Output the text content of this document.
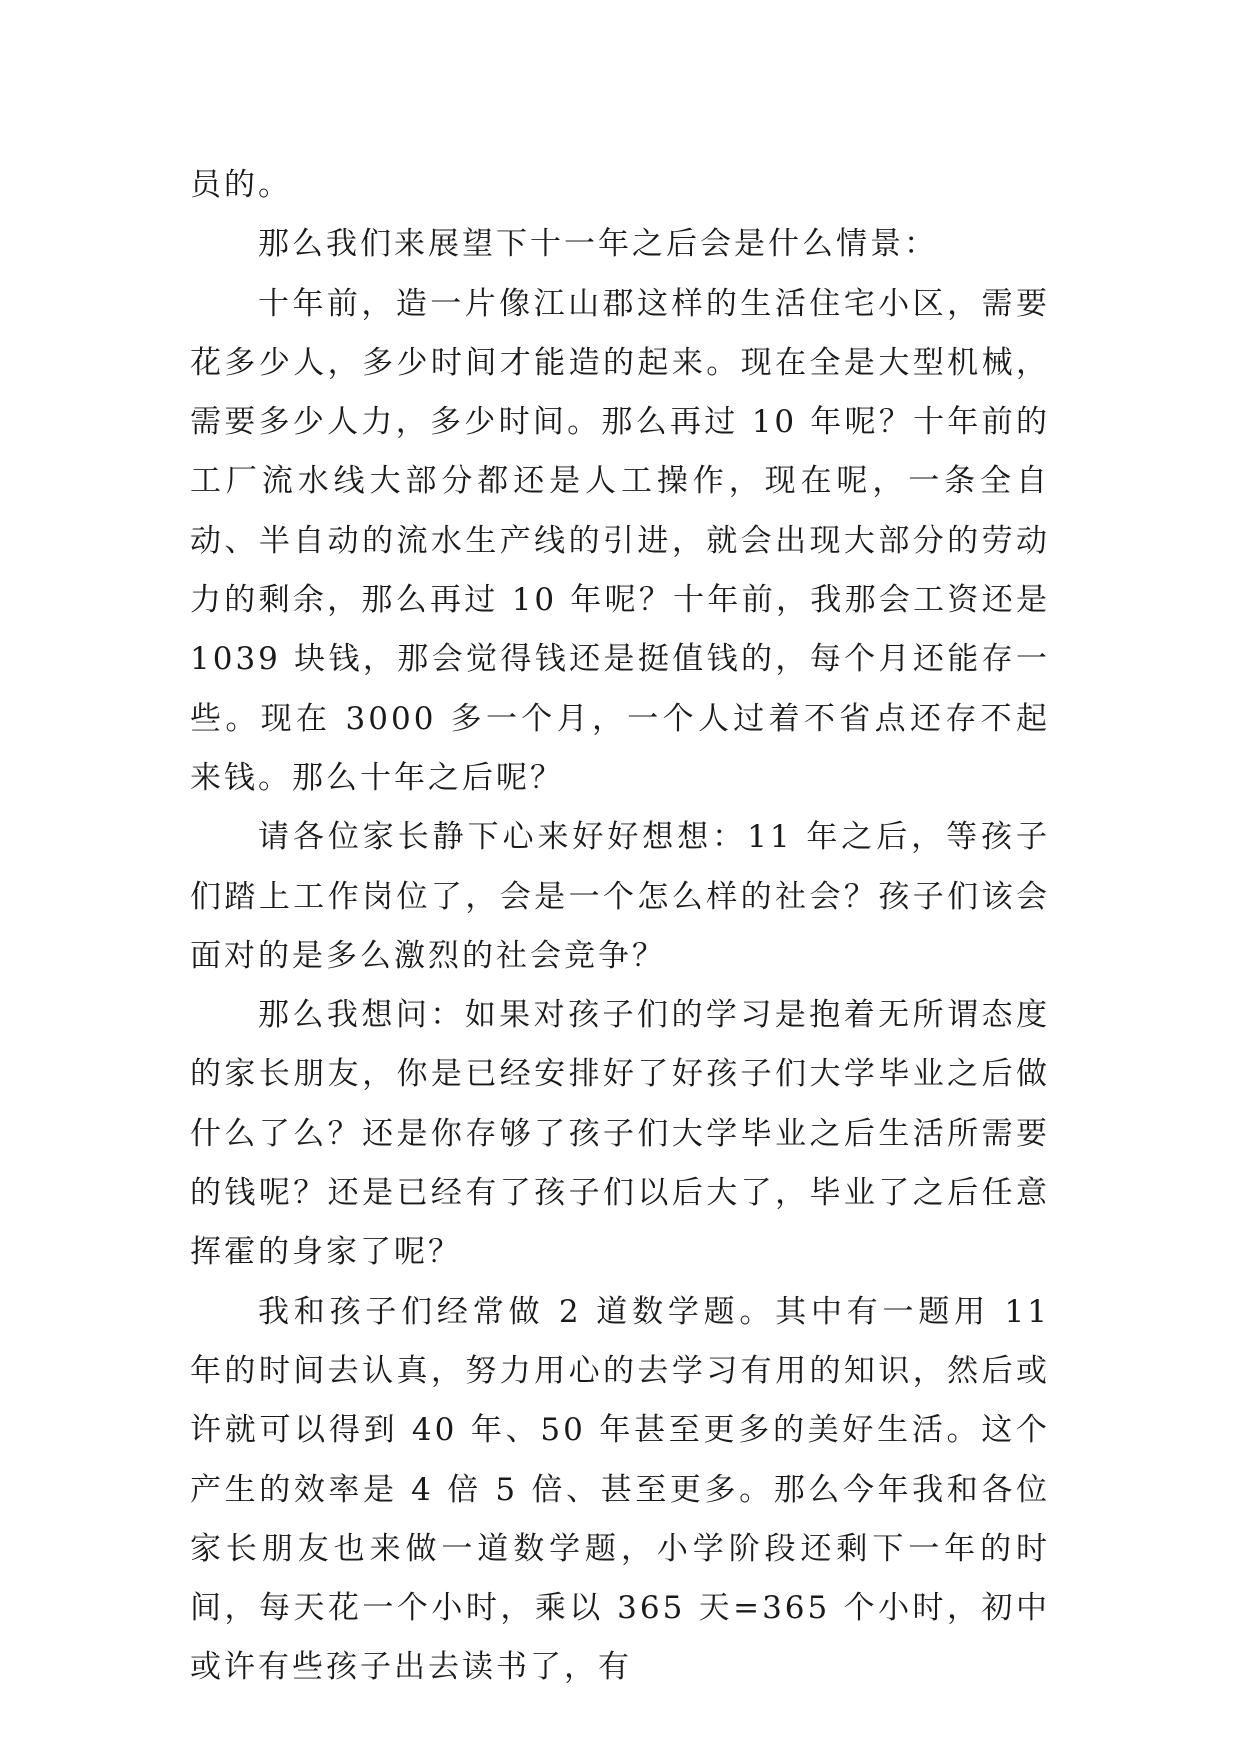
员的。

那么我们来展望下十一年之后会是什么情景：

十年前，造一片像江山郡这样的生活住宅小区，需要花多少人，多少时间才能造的起来。现在全是大型机械，需要多少人力，多少时间。那么再过 10 年呢？十年前的工厂流水线大部分都还是人工操作，现在呢，一条全自动、半自动的流水生产线的引进，就会出现大部分的劳动力的剩余，那么再过 10 年呢？十年前，我那会工资还是 1039 块钱，那会觉得钱还是挺值钱的，每个月还能存一些。现在 3000 多一个月，一个人过着不省点还存不起来钱。那么十年之后呢？

请各位家长静下心来好好想想：11 年之后，等孩子们踏上工作岗位了，会是一个怎么样的社会？孩子们该会面对的是多么激烈的社会竞争？

那么我想问：如果对孩子们的学习是抱着无所谓态度的家长朋友，你是已经安排好了好孩子们大学毕业之后做什么了么？还是你存够了孩子们大学毕业之后生活所需要的钱呢？还是已经有了孩子们以后大了，毕业了之后任意挥霍的身家了呢？

我和孩子们经常做 2 道数学题。其中有一题用 11 年的时间去认真，努力用心的去学习有用的知识，然后或许就可以得到 40 年、50 年甚至更多的美好生活。这个产生的效率是 4 倍 5 倍、甚至更多。那么今年我和各位家长朋友也来做一道数学题，小学阶段还剩下一年的时间，每天花一个小时，乘以 365 天=365 个小时，初中或许有些孩子出去读书了，有
